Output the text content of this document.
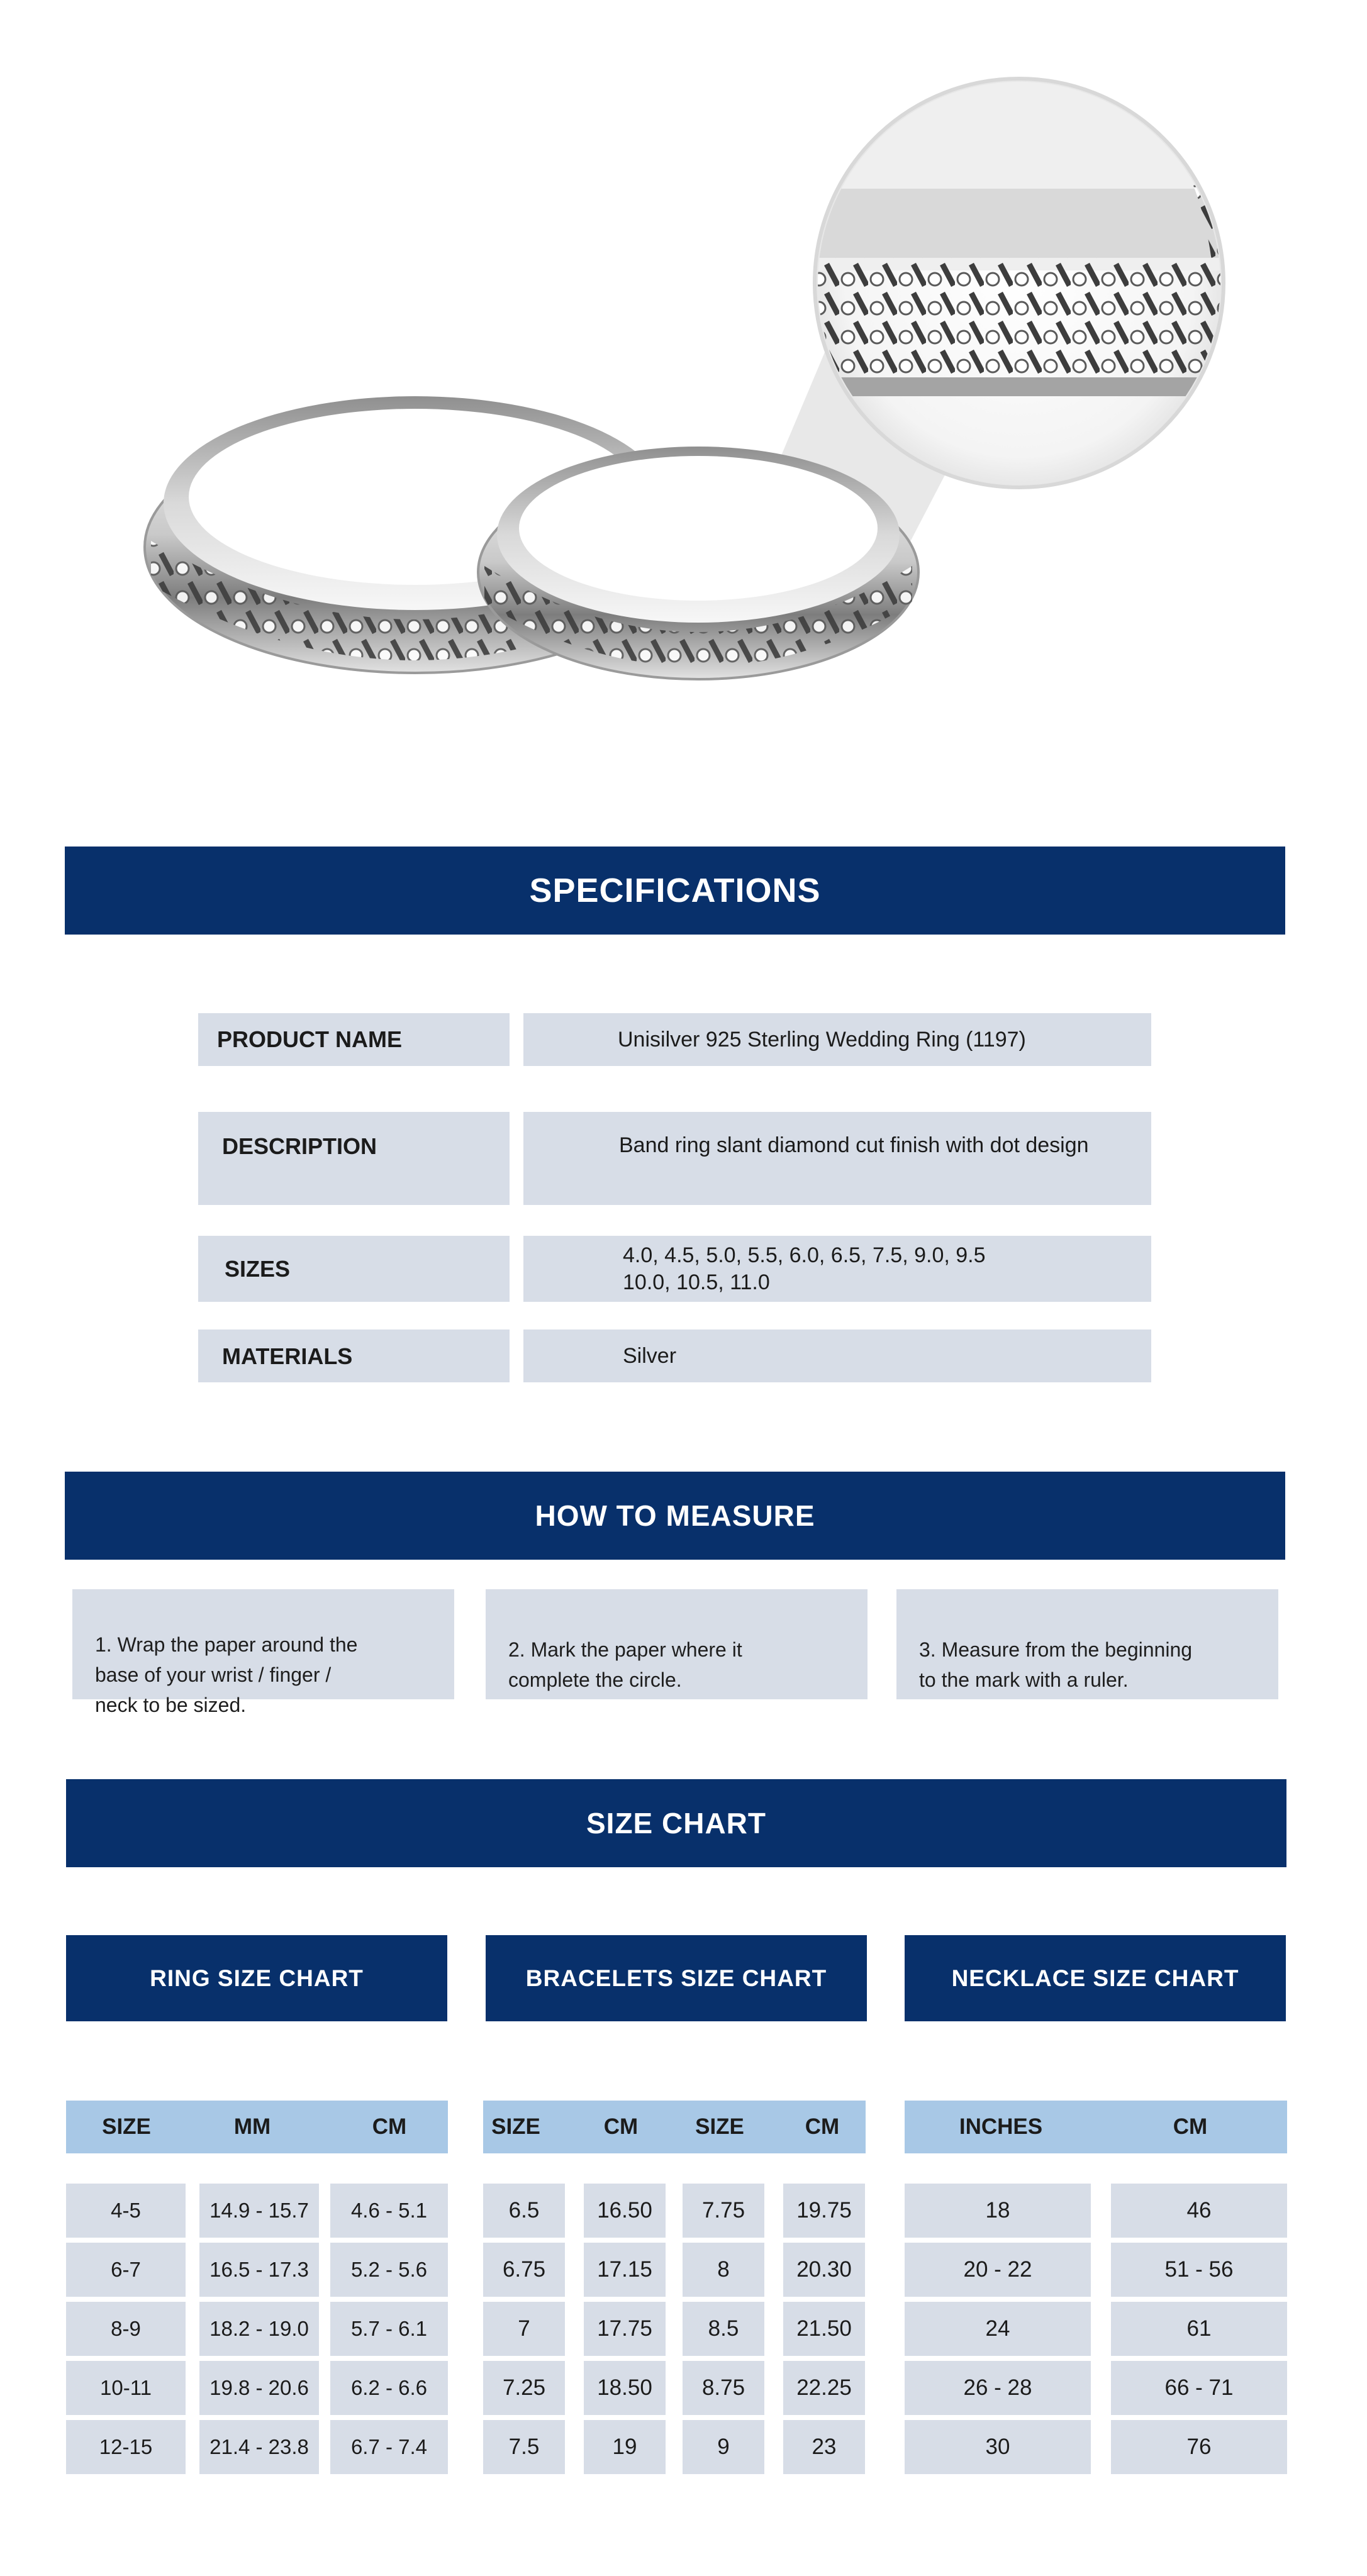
SPECIFICATIONS
PRODUCT NAME	Unisilver 925 Sterling Wedding Ring (1197)
DESCRIPTION	Band ring slant diamond cut finish with dot design
SIZES
4.0, 4.5, 5.0, 5.5, 6.0, 6.5, 7.5, 9.0, 9.5
10.0, 10.5, 11.0
MATERIALS	Silver
HOW TO MEASURE

1. Wrap the paper around the
base of your wrist / finger /
neck to be sized.

2. Mark the paper where it
complete the circle.

3. Measure from the beginning
to the mark with a ruler.

SIZE CHART
RING SIZE CHART	BRACELETS SIZE CHART	NECKLACE SIZE CHART
SIZE	MM	CM
4-5	14.9 - 15.7	4.6 - 5.1
6-7	16.5 - 17.3	5.2 - 5.6
8-9	18.2 - 19.0	5.7 - 6.1
10-11	19.8 - 20.6	6.2 - 6.6
12-15	21.4 - 23.8	6.7 - 7.4
SIZE	CM	SIZE	CM
6.5	16.50	7.75	19.75
6.75	17.15	8	20.30
7	17.75	8.5	21.50
7.25	18.50	8.75	22.25
7.5	19	9	23
INCHES	CM
18	46
20 - 22	51 - 56
24	61
26 - 28	66 - 71
30	76
